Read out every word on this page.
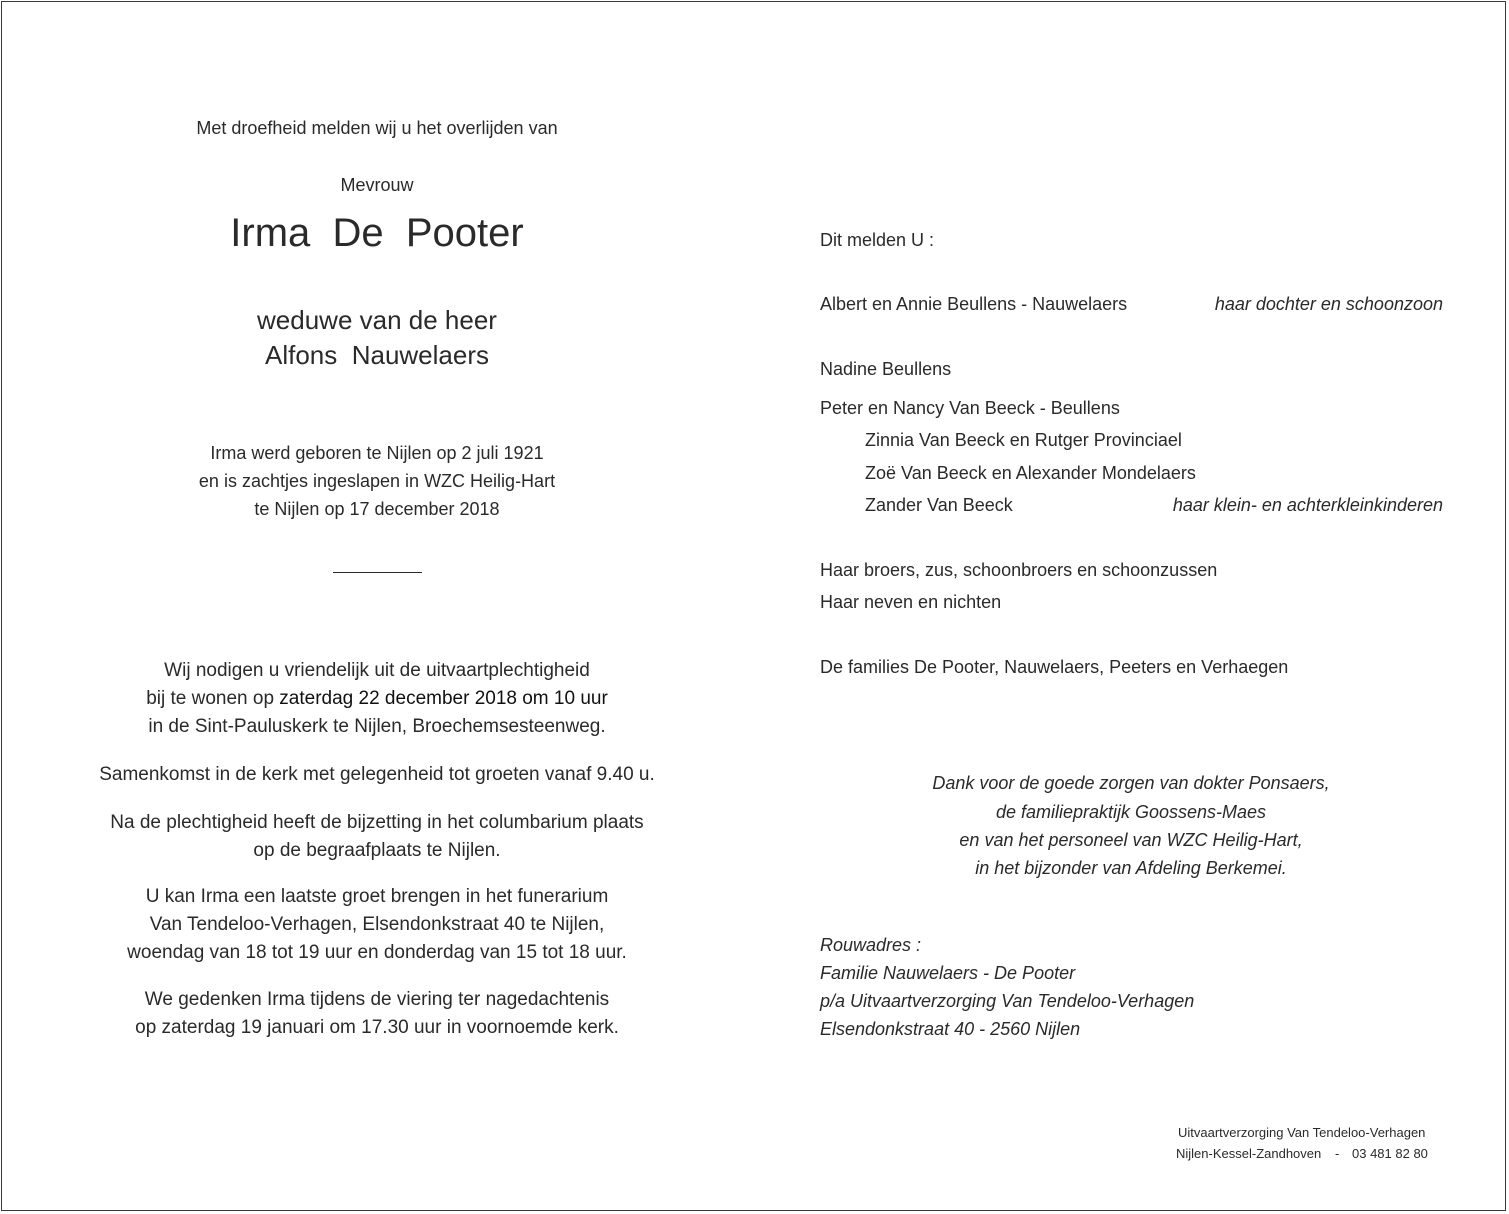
Met droefheid melden wij u het overlijden van
Mevrouw
Irma  De  Pooter
weduwe van de heer
Alfons  Nauwelaers
Irma werd geboren te Nijlen op 2 juli 1921
en is zachtjes ingeslapen in WZC Heilig-Hart
te Nijlen op 17 december 2018
Wij nodigen u vriendelijk uit de uitvaartplechtigheid
bij te wonen op zaterdag 22 december 2018 om 10 uur
in de Sint-Pauluskerk te Nijlen, Broechemsesteenweg.
Samenkomst in de kerk met gelegenheid tot groeten vanaf 9.40 u.
Na de plechtigheid heeft de bijzetting in het columbarium plaats
op de begraafplaats te Nijlen.
U kan Irma een laatste groet brengen in het funerarium
Van Tendeloo-Verhagen, Elsendonkstraat 40 te Nijlen,
woendag van 18 tot 19 uur en donderdag van 15 tot 18 uur.
We gedenken Irma tijdens de viering ter nagedachtenis
op zaterdag 19 januari om 17.30 uur in voornoemde kerk.
Dit melden U :
Albert en Annie Beullens - Nauwelaers	haar dochter en schoonzoon
Nadine Beullens
Peter en Nancy Van Beeck - Beullens
Zinnia Van Beeck en Rutger Provinciael
Zoë Van Beeck en Alexander Mondelaers
Zander Van Beeck	haar klein- en achterkleinkinderen
Haar broers, zus, schoonbroers en schoonzussen
Haar neven en nichten
De families De Pooter, Nauwelaers, Peeters en Verhaegen
Dank voor de goede zorgen van dokter Ponsaers,
de familiepraktijk Goossens-Maes
en van het personeel van WZC Heilig-Hart,
in het bijzonder van Afdeling Berkemei.
Rouwadres :
Familie Nauwelaers - De Pooter
p/a Uitvaartverzorging Van Tendeloo-Verhagen
Elsendonkstraat 40 - 2560 Nijlen
Uitvaartverzorging Van Tendeloo-Verhagen
Nijlen-Kessel-Zandhoven - 03 481 82 80
